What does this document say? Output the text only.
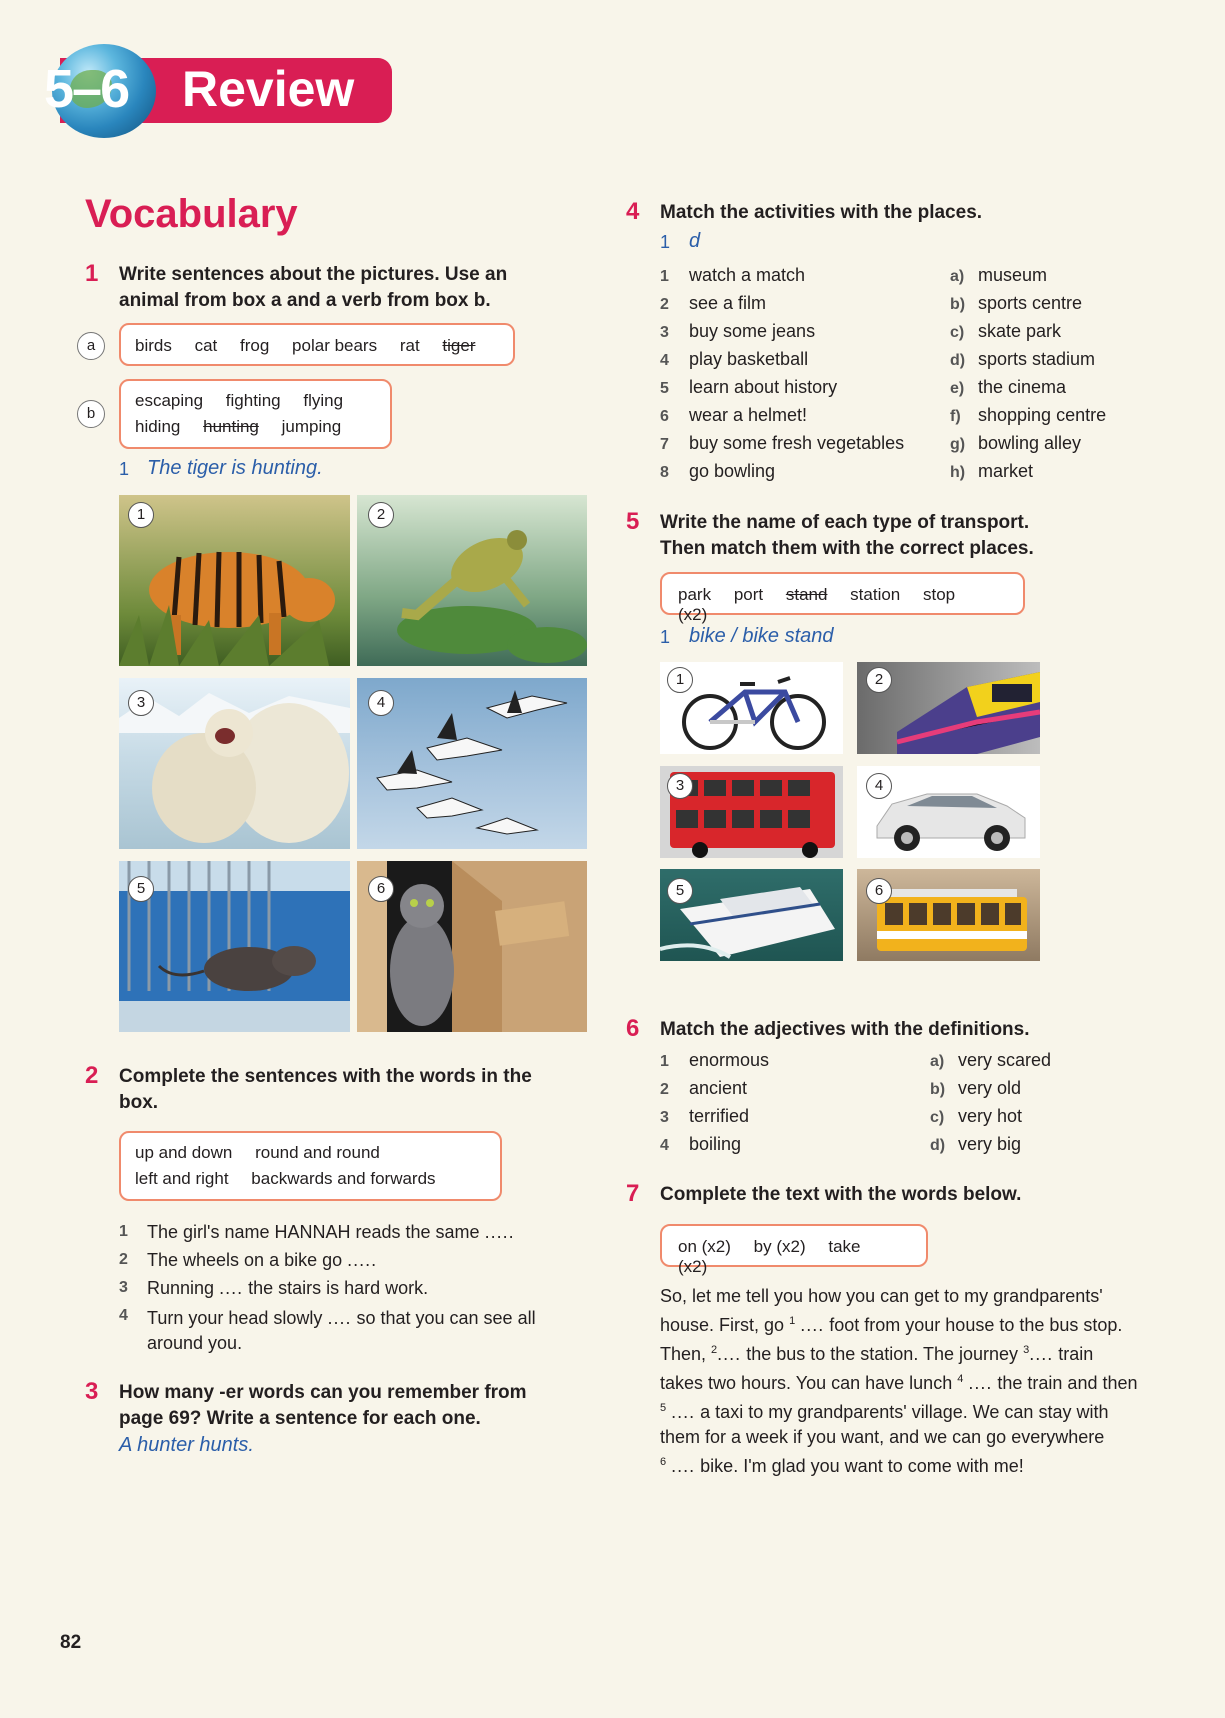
5–6 Review
Vocabulary
1 Write sentences about the pictures. Use an
animal from box a and a verb from box b.
a	birds cat frog polar bears rat tiger
b
escaping fighting flying
hiding hunting jumping
1 The tiger is hunting.
1	2
3	4
5	6
2 Complete the sentences with the words in the
box.
up and down round and round
left and right backwards and forwards
1 The girl's name HANNAH reads the same .....
2 The wheels on a bike go .....
3 Running .... the stairs is hard work.
4 Turn your head slowly .... so that you can see all
around you.
3 How many -er words can you remember from
page 69? Write a sentence for each one.
A hunter hunts.
4 Match the activities with the places.
1 d
1 watch a match
2 see a film
3 buy some jeans
4 play basketball
5 learn about history
6 wear a helmet!
7 buy some fresh vegetables
8 go bowling
a) museum
b) sports centre
c) skate park
d) sports stadium
e) the cinema
f) shopping centre
g) bowling alley
h) market
5 Write the name of each type of transport.
Then match them with the correct places.
park port stand station stop (x2)
1 bike / bike stand
1	2
3	4
5	6
6 Match the adjectives with the definitions.
1 enormous
2 ancient
3 terrified
4 boiling
a) very scared
b) very old
c) very hot
d) very big
7 Complete the text with the words below.
on (x2) by (x2) take (x2)
So, let me tell you how you can get to my grandparents'
house. First, go $^1$ .... foot from your house to the bus stop.
Then, $^2$.... the bus to the station. The journey $^3$.... train
takes two hours. You can have lunch $^4$ .... the train and then
$^5$ .... a taxi to my grandparents' village. We can stay with
them for a week if you want, and we can go everywhere
$^6$ .... bike. I'm glad you want to come with me!
82
